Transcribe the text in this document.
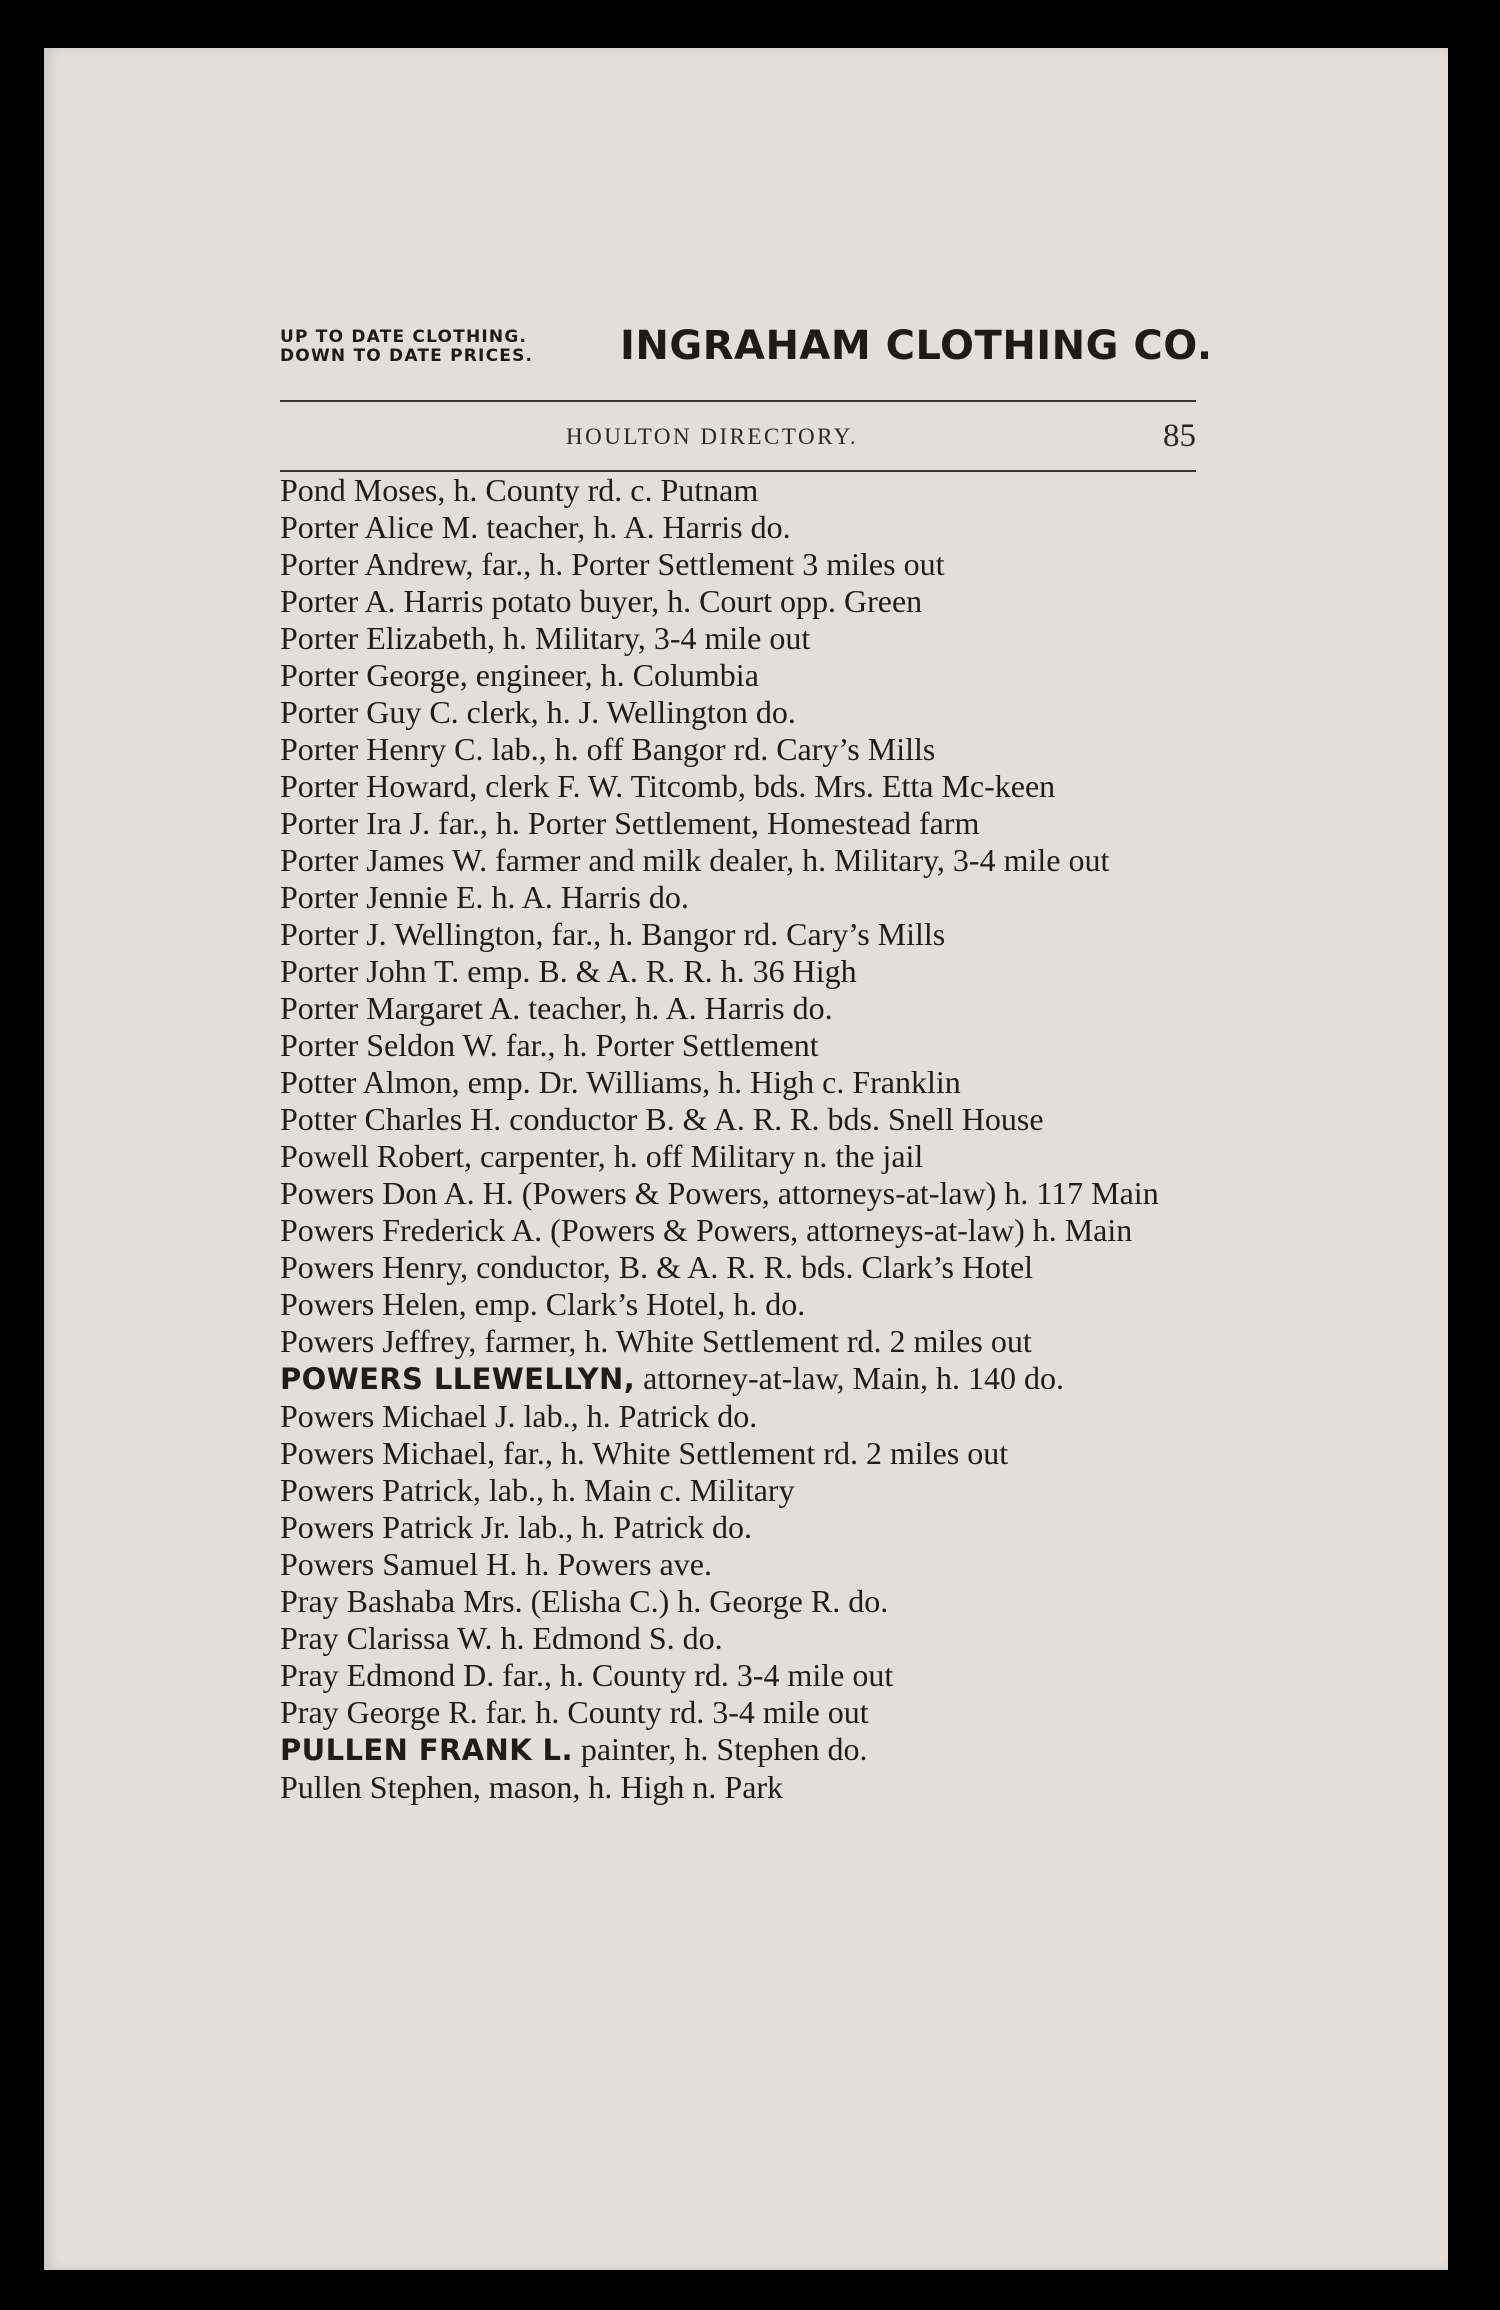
UP TO DATE CLOTHING.
DOWN TO DATE PRICES. INGRAHAM CLOTHING CO.
HOULTON DIRECTORY.	85
Pond Moses, h. County rd. c. Putnam
Porter Alice M. teacher, h. A. Harris do.
Porter Andrew, far., h. Porter Settlement 3 miles out
Porter A. Harris potato buyer, h. Court opp. Green
Porter Elizabeth, h. Military, 3-4 mile out
Porter George, engineer, h. Columbia
Porter Guy C. clerk, h. J. Wellington do.
Porter Henry C. lab., h. off Bangor rd. Cary’s Mills
Porter Howard, clerk F. W. Titcomb, bds. Mrs. Etta Mc-keen
Porter Ira J. far., h. Porter Settlement, Homestead farm
Porter James W. farmer and milk dealer, h. Military, 3-4 mile out
Porter Jennie E. h. A. Harris do.
Porter J. Wellington, far., h. Bangor rd. Cary’s Mills
Porter John T. emp. B. & A. R. R. h. 36 High
Porter Margaret A. teacher, h. A. Harris do.
Porter Seldon W. far., h. Porter Settlement
Potter Almon, emp. Dr. Williams, h. High c. Franklin
Potter Charles H. conductor B. & A. R. R. bds. Snell House
Powell Robert, carpenter, h. off Military n. the jail
Powers Don A. H. (Powers & Powers, attorneys-at-law) h. 117 Main
Powers Frederick A. (Powers & Powers, attorneys-at-law) h. Main
Powers Henry, conductor, B. & A. R. R. bds. Clark’s Hotel
Powers Helen, emp. Clark’s Hotel, h. do.
Powers Jeffrey, farmer, h. White Settlement rd. 2 miles out
POWERS LLEWELLYN, attorney-at-law, Main, h. 140 do.
Powers Michael J. lab., h. Patrick do.
Powers Michael, far., h. White Settlement rd. 2 miles out
Powers Patrick, lab., h. Main c. Military
Powers Patrick Jr. lab., h. Patrick do.
Powers Samuel H. h. Powers ave.
Pray Bashaba Mrs. (Elisha C.) h. George R. do.
Pray Clarissa W. h. Edmond S. do.
Pray Edmond D. far., h. County rd. 3-4 mile out
Pray George R. far. h. County rd. 3-4 mile out
PULLEN FRANK L. painter, h. Stephen do.
Pullen Stephen, mason, h. High n. Park
